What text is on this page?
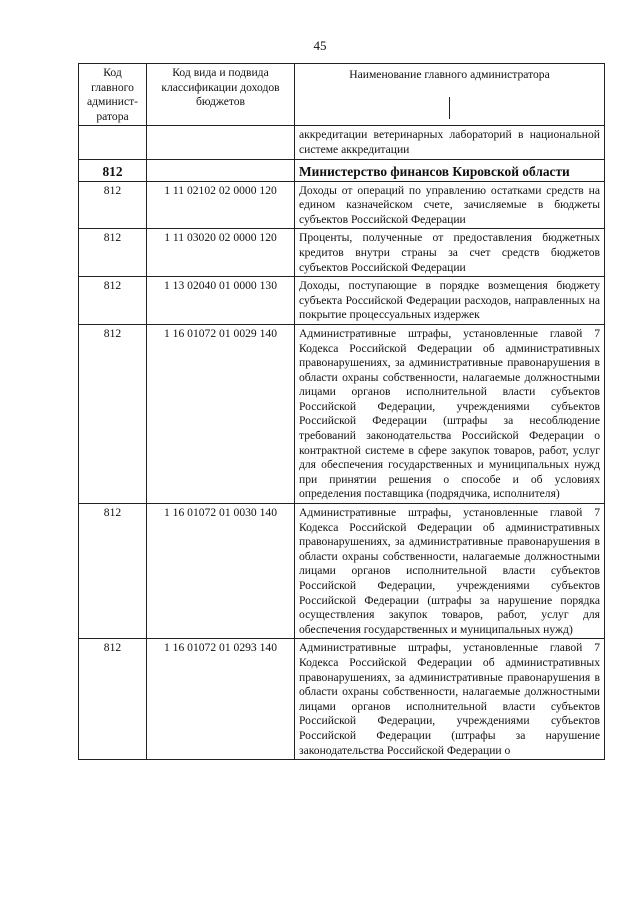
45
Код главного админист-ратора	Код вида и подвида классификации доходов бюджетов	Наименование главного администратора

		аккредитации ветеринарных лабораторий в национальной системе аккредитации
812		Министерство финансов Кировской области
812	1 11 02102 02 0000 120	Доходы от операций по управлению остатками средств на едином казначейском счете, зачисляемые в бюджеты субъектов Российской Федерации
812	1 11 03020 02 0000 120	Проценты, полученные от предоставления бюджетных кредитов внутри страны за счет средств бюджетов субъектов Российской Федерации
812	1 13 02040 01 0000 130	Доходы, поступающие в порядке возмещения бюджету субъекта Российской Федерации расходов, направленных на покрытие процессуальных издержек
812	1 16 01072 01 0029 140	Административные штрафы, установленные главой 7 Кодекса Российской Федерации об административных правонарушениях, за административные правонарушения в области охраны собственности, налагаемые должностными лицами органов исполнительной власти субъектов Российской Федерации, учреждениями субъектов Российской Федерации (штрафы за несоблюдение требований законодательства Российской Федерации о контрактной системе в сфере закупок товаров, работ, услуг для обеспечения государственных и муниципальных нужд при принятии решения о способе и об условиях определения поставщика (подрядчика, исполнителя)
812	1 16 01072 01 0030 140	Административные штрафы, установленные главой 7 Кодекса Российской Федерации об административных правонарушениях, за административные правонарушения в области охраны собственности, налагаемые должностными лицами органов исполнительной власти субъектов Российской Федерации, учреждениями субъектов Российской Федерации (штрафы за нарушение порядка осуществления закупок товаров, работ, услуг для обеспечения государственных и муниципальных нужд)
812	1 16 01072 01 0293 140	Административные штрафы, установленные главой 7 Кодекса Российской Федерации об административных правонарушениях, за административные правонарушения в области охраны собственности, налагаемые должностными лицами органов исполнительной власти субъектов Российской Федерации, учреждениями субъектов Российской Федерации (штрафы за нарушение законодательства Российской Федерации о
